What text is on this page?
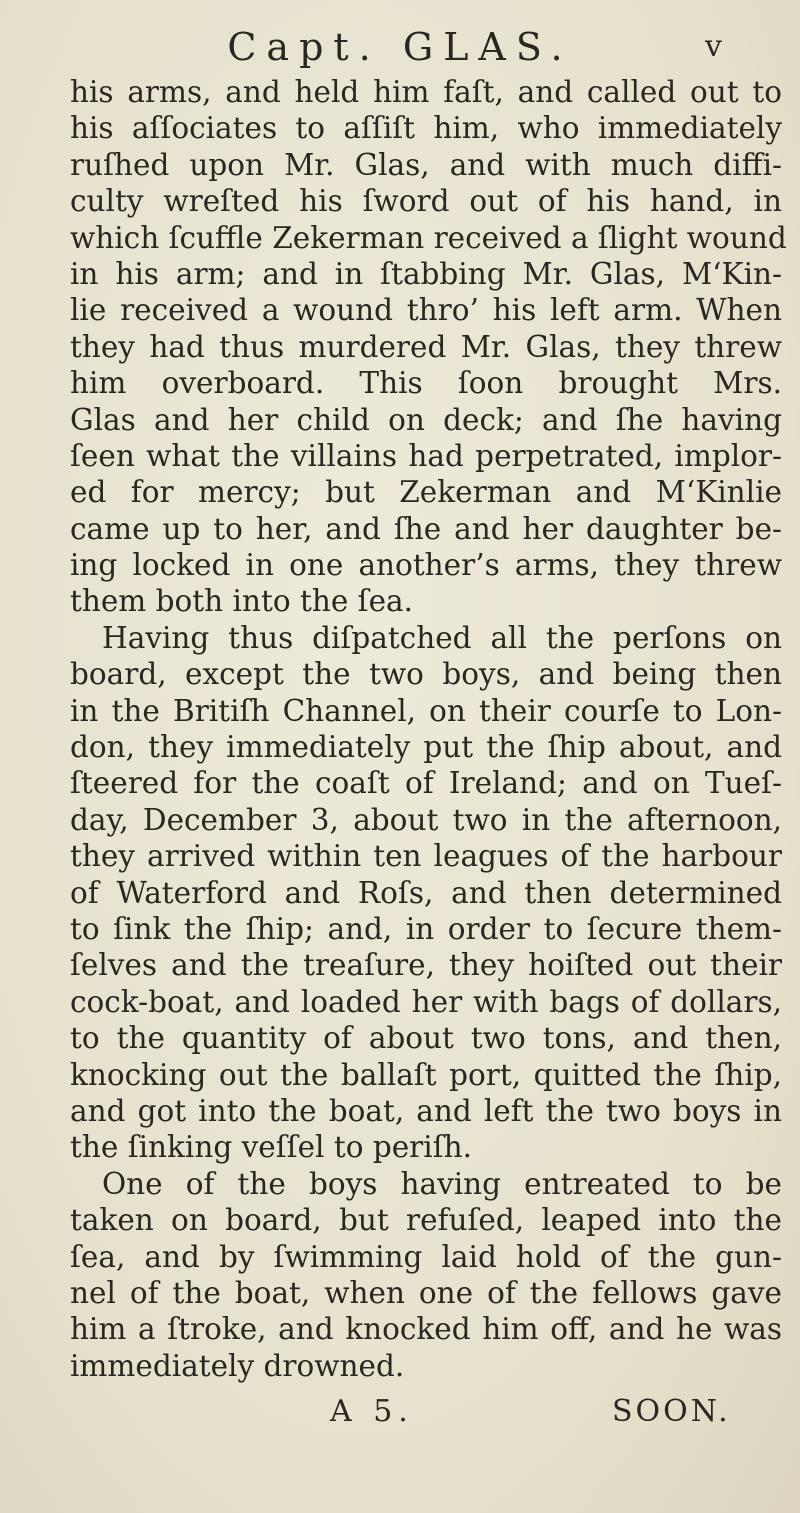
Capt. GLAS.	v
his arms, and held him faſt, and called out to
his aſſociates to aſſiſt him, who immediately
ruſhed upon Mr. Glas, and with much diffi-
culty wreſted his ſword out of his hand, in
which ſcuffle Zekerman received a ſlight wound
in his arm; and in ſtabbing Mr. Glas, M‘Kin-
lie received a wound thro’ his left arm. When
they had thus murdered Mr. Glas, they threw
him overboard. This ſoon brought Mrs.
Glas and her child on deck; and ſhe having
ſeen what the villains had perpetrated, implor-
ed for mercy; but Zekerman and M‘Kinlie
came up to her, and ſhe and her daughter be-
ing locked in one another’s arms, they threw
them both into the ſea.
Having thus diſpatched all the perſons on
board, except the two boys, and being then
in the Britiſh Channel, on their courſe to Lon-
don, they immediately put the ſhip about, and
ſteered for the coaſt of Ireland; and on Tueſ-
day, December 3, about two in the afternoon,
they arrived within ten leagues of the harbour
of Waterford and Roſs, and then determined
to ſink the ſhip; and, in order to ſecure them-
ſelves and the treaſure, they hoiſted out their
cock-boat, and loaded her with bags of dollars,
to the quantity of about two tons, and then,
knocking out the ballaſt port, quitted the ſhip,
and got into the boat, and left the two boys in
the ſinking veſſel to periſh.
One of the boys having entreated to be
taken on board, but refuſed, leaped into the
ſea, and by ſwimming laid hold of the gun-
nel of the boat, when one of the fellows gave
him a ſtroke, and knocked him off, and he was
immediately drowned.
A 5.	SOON.
